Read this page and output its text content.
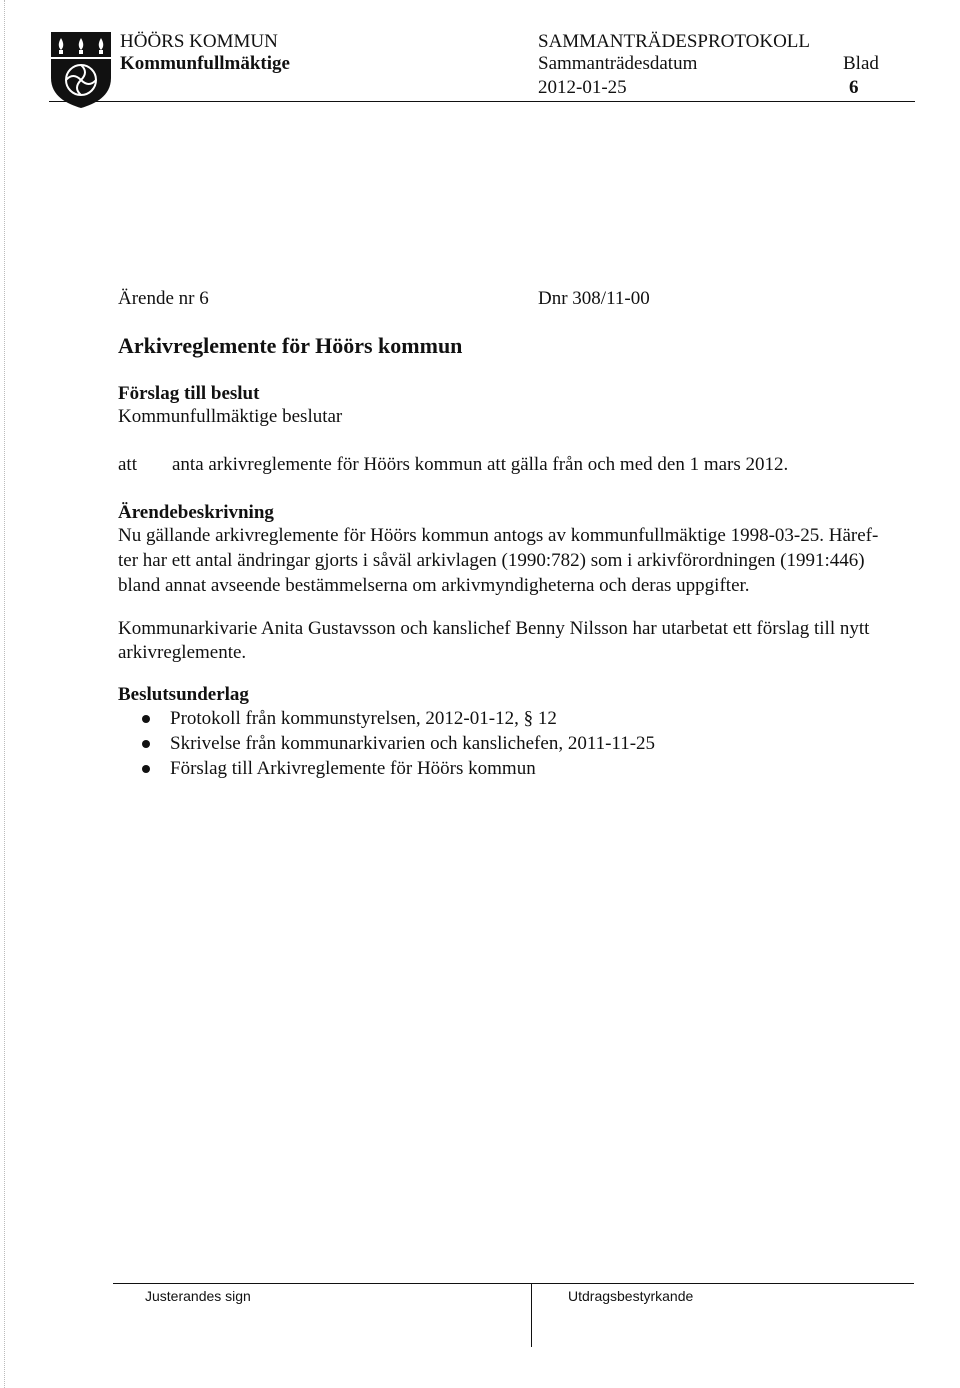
HÖÖRS KOMMUN
Kommunfullmäktige
SAMMANTRÄDESPROTOKOLL
Sammanträdesdatum	Blad
2012-01-25	6
Ärende nr 6	Dnr 308/11-00
Arkivreglemente för Höörs kommun
Förslag till beslut
Kommunfullmäktige beslutar
att anta arkivreglemente för Höörs kommun att gälla från och med den 1 mars 2012.
Ärendebeskrivning
Nu gällande arkivreglemente för Höörs kommun antogs av kommunfullmäktige 1998-03-25. Häref-
ter har ett antal ändringar gjorts i såväl arkivlagen (1990:782) som i arkivförordningen (1991:446)
bland annat avseende bestämmelserna om arkivmyndigheterna och deras uppgifter.
Kommunarkivarie Anita Gustavsson och kanslichef Benny Nilsson har utarbetat ett förslag till nytt
arkivreglemente.
Beslutsunderlag
Protokoll från kommunstyrelsen, 2012-01-12, § 12
Skrivelse från kommunarkivarien och kanslichefen, 2011-11-25
Förslag till Arkivreglemente för Höörs kommun
Justerandes sign	Utdragsbestyrkande
